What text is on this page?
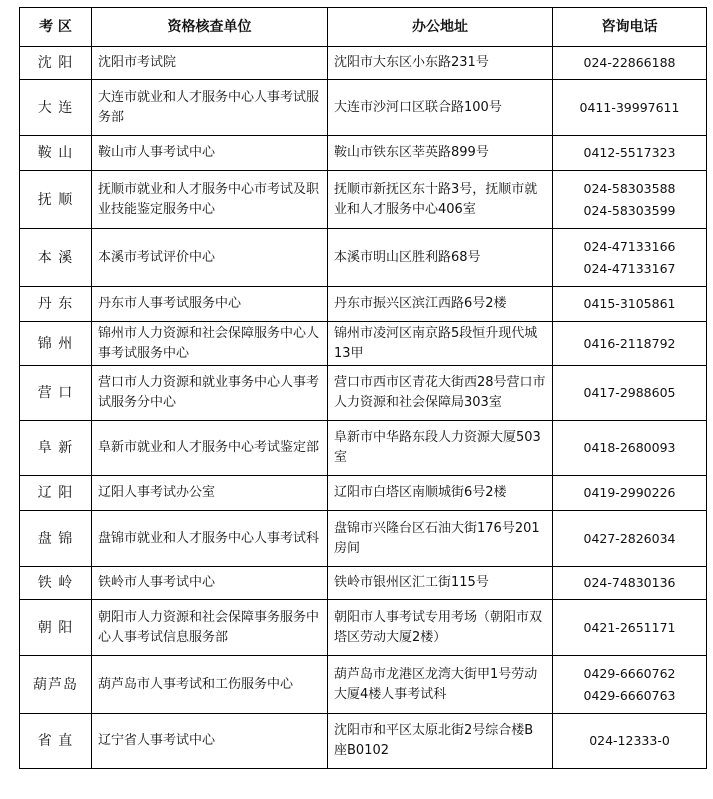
考 区	资格核查单位	办公地址	咨询电话
沈 阳	沈阳市考试院	沈阳市大东区小东路231号	024-22866188

大 连	大连市就业和人才服务中心人事考试服务部	大连市沙河口区联合路100号	0411-39997611

鞍 山	鞍山市人事考试中心	鞍山市铁东区莘英路899号	0412-5517323

抚 顺	抚顺市就业和人才服务中心市考试及职业技能鉴定服务中心	抚顺市新抚区东十路3号，抚顺市就业和人才服务中心406室	024-58303588
024-58303599

本 溪	本溪市考试评价中心	本溪市明山区胜利路68号	024-47133166
024-47133167

丹 东	丹东市人事考试服务中心	丹东市振兴区滨江西路6号2楼	0415-3105861

锦 州	锦州市人力资源和社会保障服务中心人事考试服务中心	锦州市凌河区南京路5段恒升现代城13甲	0416-2118792

营 口	营口市人力资源和就业事务中心人事考试服务分中心	营口市西市区青花大街西28号营口市人力资源和社会保障局303室	0417-2988605

阜 新	阜新市就业和人才服务中心考试鉴定部	阜新市中华路东段人力资源大厦503室	0418-2680093

辽 阳	辽阳人事考试办公室	辽阳市白塔区南顺城街6号2楼	0419-2990226

盘 锦	盘锦市就业和人才服务中心人事考试科	盘锦市兴隆台区石油大街176号201房间	0427-2826034

铁 岭	铁岭市人事考试中心	铁岭市银州区汇工街115号	024-74830136

朝 阳	朝阳市人力资源和社会保障事务服务中心人事考试信息服务部	朝阳市人事考试专用考场（朝阳市双塔区劳动大厦2楼）	0421-2651171

葫芦岛	葫芦岛市人事考试和工伤服务中心	葫芦岛市龙港区龙湾大街甲1号劳动大厦4楼人事考试科	0429-6660762
0429-6660763

省 直	辽宁省人事考试中心	沈阳市和平区太原北街2号综合楼B座B0102	024-12333-0
